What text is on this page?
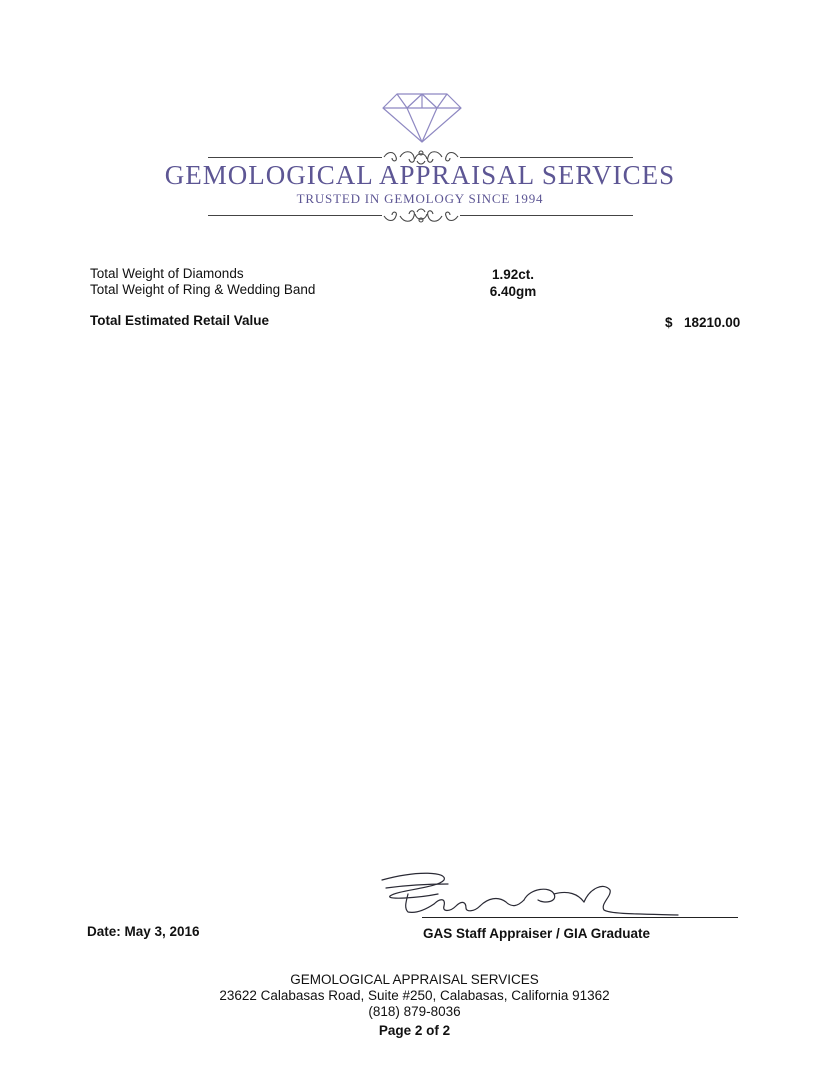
GEMOLOGICAL APPRAISAL SERVICES
TRUSTED IN GEMOLOGY SINCE 1994
Total Weight of Diamonds	1.92ct.
Total Weight of Ring & Wedding Band	6.40gm
Total Estimated Retail Value	$ 18210.00
GAS Staff Appraiser / GIA Graduate
Date: May 3, 2016
GEMOLOGICAL APPRAISAL SERVICES
23622 Calabasas Road, Suite #250, Calabasas, California 91362
(818) 879-8036
Page 2 of 2
